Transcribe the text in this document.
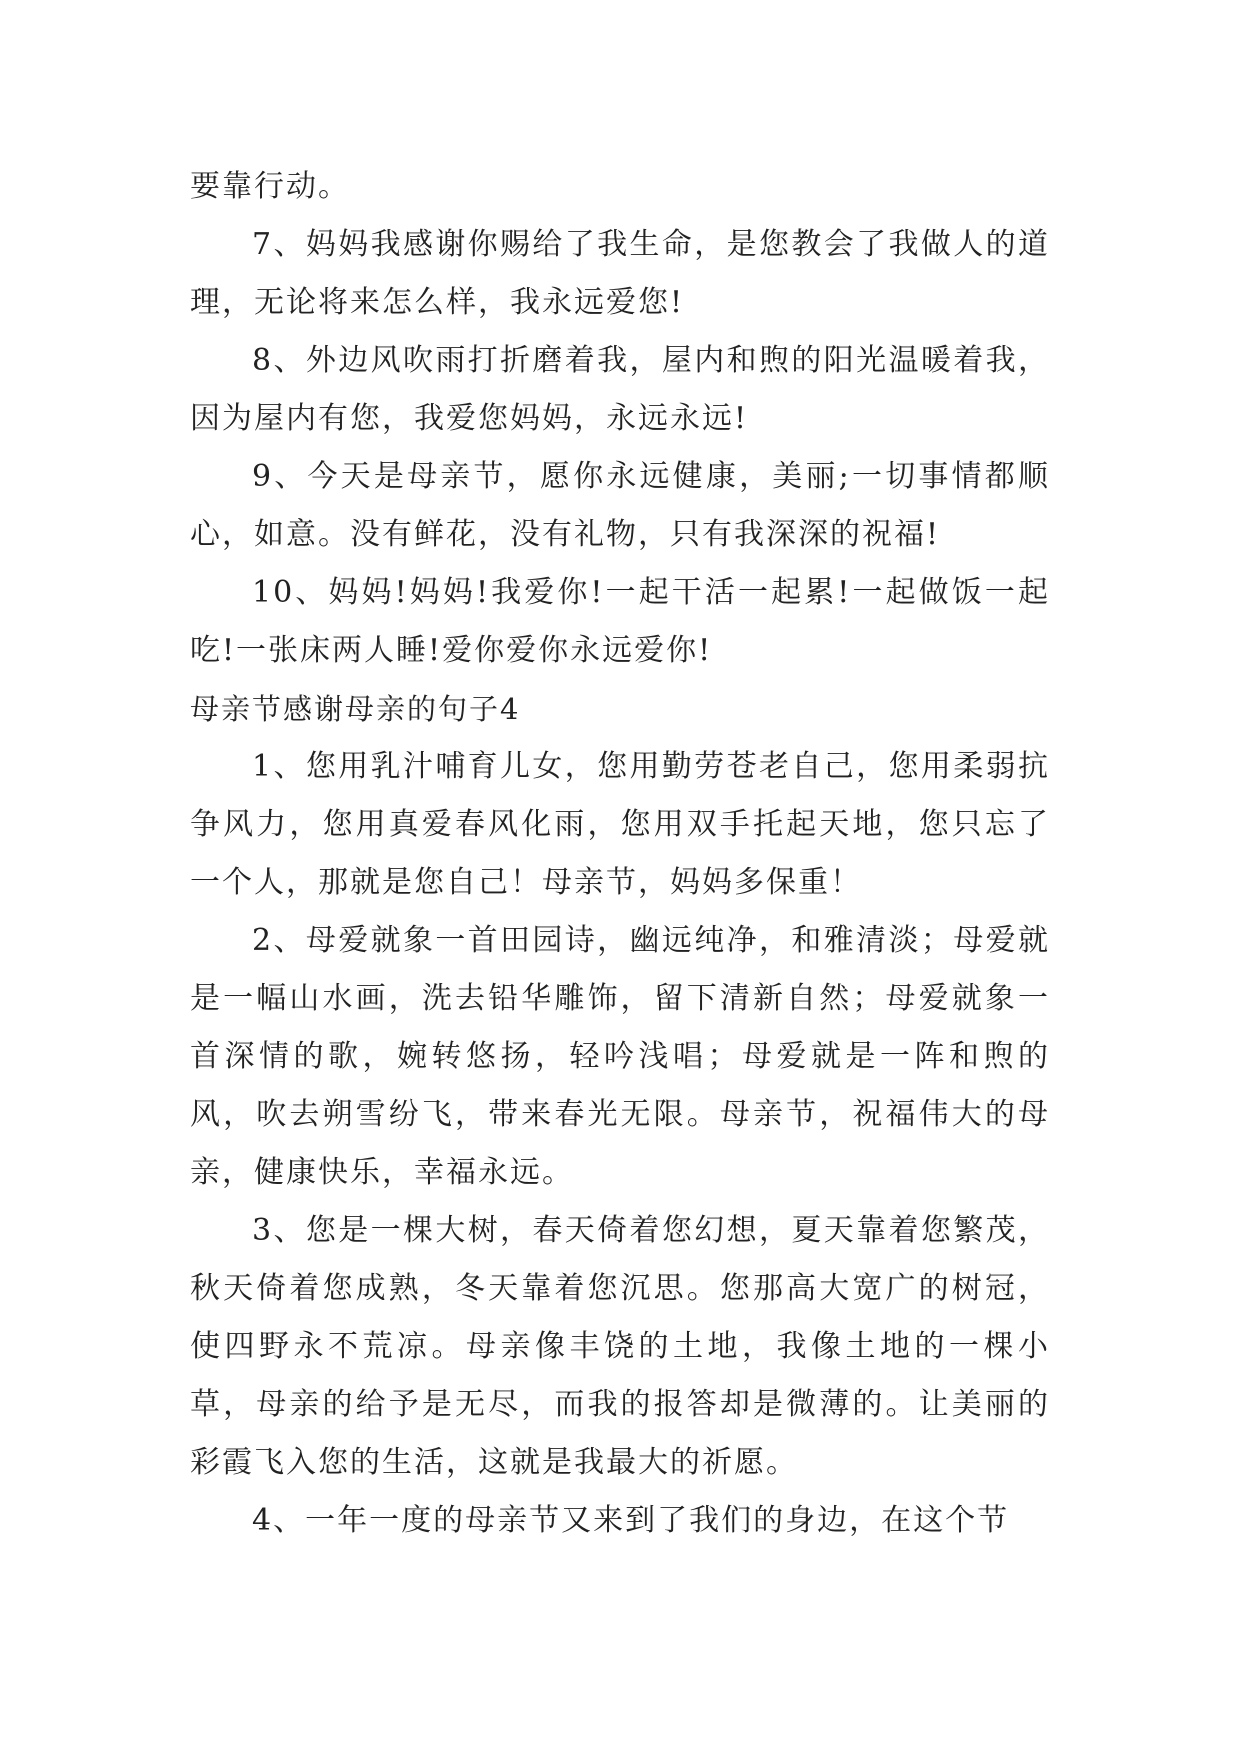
要靠行动。

7、妈妈我感谢你赐给了我生命，是您教会了我做人的道理，无论将来怎么样，我永远爱您!

8、外边风吹雨打折磨着我，屋内和煦的阳光温暖着我，因为屋内有您，我爱您妈妈，永远永远!

9、今天是母亲节，愿你永远健康，美丽;一切事情都顺心，如意。没有鲜花，没有礼物，只有我深深的祝福!

10、妈妈!妈妈!我爱你!一起干活一起累!一起做饭一起吃!一张床两人睡!爱你爱你永远爱你!

母亲节感谢母亲的句子4

1、您用乳汁哺育儿女，您用勤劳苍老自己，您用柔弱抗争风力，您用真爱春风化雨，您用双手托起天地，您只忘了一个人，那就是您自己！母亲节，妈妈多保重！

2、母爱就象一首田园诗，幽远纯净，和雅清淡；母爱就是一幅山水画，洗去铅华雕饰，留下清新自然；母爱就象一首深情的歌，婉转悠扬，轻吟浅唱；母爱就是一阵和煦的风，吹去朔雪纷飞，带来春光无限。母亲节，祝福伟大的母亲，健康快乐，幸福永远。

3、您是一棵大树，春天倚着您幻想，夏天靠着您繁茂，秋天倚着您成熟，冬天靠着您沉思。您那高大宽广的树冠，使四野永不荒凉。母亲像丰饶的土地，我像土地的一棵小草，母亲的给予是无尽，而我的报答却是微薄的。让美丽的彩霞飞入您的生活，这就是我最大的祈愿。

4、一年一度的母亲节又来到了我们的身边，在这个节
